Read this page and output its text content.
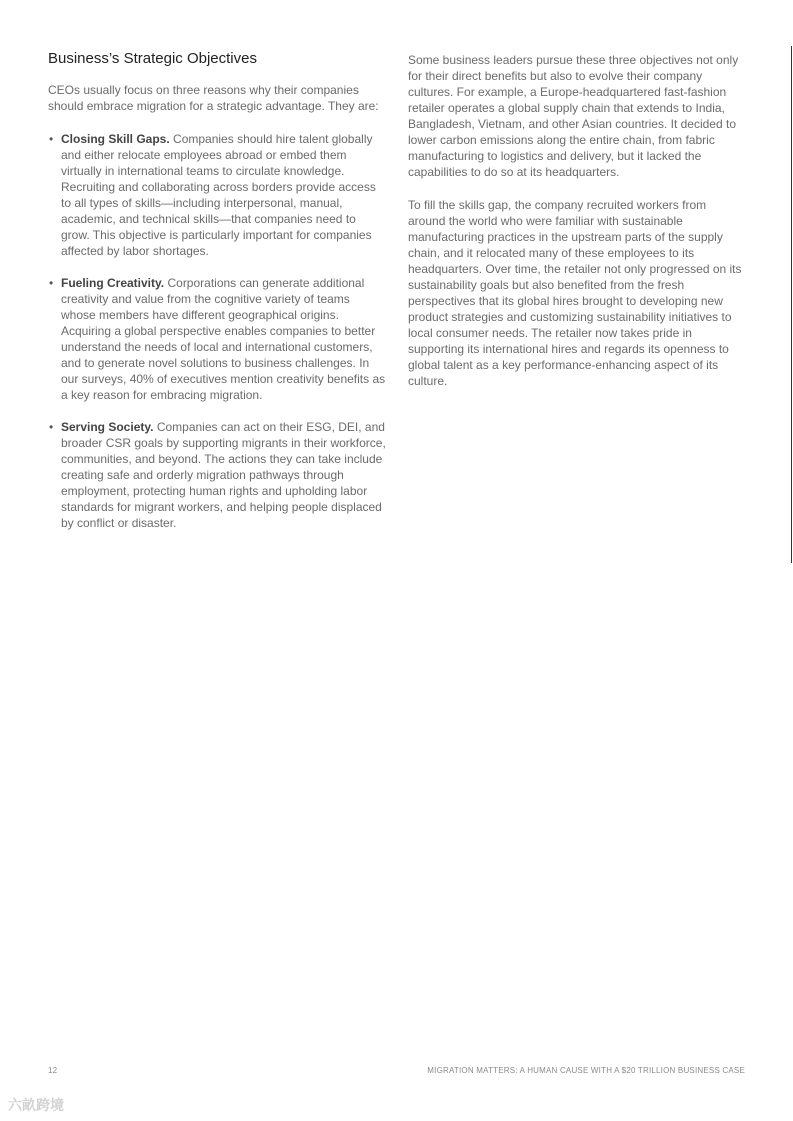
Business’s Strategic Objectives

CEOs usually focus on three reasons why their companies should embrace migration for a strategic advantage. They are:

• Closing Skill Gaps. Companies should hire talent globally and either relocate employees abroad or embed them virtually in international teams to circulate knowledge. Recruiting and collaborating across borders provide access to all types of skills—including interpersonal, manual, academic, and technical skills—that companies need to grow. This objective is particularly important for companies affected by labor shortages.
• Fueling Creativity. Corporations can generate additional creativity and value from the cognitive variety of teams whose members have different geographical origins. Acquiring a global perspective enables companies to better understand the needs of local and international customers, and to generate novel solutions to business challenges. In our surveys, 40% of executives mention creativity benefits as a key reason for embracing migration.
• Serving Society. Companies can act on their ESG, DEI, and broader CSR goals by supporting migrants in their workforce, communities, and beyond. The actions they can take include creating safe and orderly migration pathways through employment, protecting human rights and upholding labor standards for migrant workers, and helping people displaced by conflict or disaster.

Some business leaders pursue these three objectives not only for their direct benefits but also to evolve their company cultures. For example, a Europe-headquartered fast-fashion retailer operates a global supply chain that extends to India, Bangladesh, Vietnam, and other Asian countries. It decided to lower carbon emissions along the entire chain, from fabric manufacturing to logistics and delivery, but it lacked the capabilities to do so at its headquarters.

To fill the skills gap, the company recruited workers from around the world who were familiar with sustainable manufacturing practices in the upstream parts of the supply chain, and it relocated many of these employees to its headquarters. Over time, the retailer not only progressed on its sustainability goals but also benefited from the fresh perspectives that its global hires brought to developing new product strategies and customizing sustainability initiatives to local consumer needs. The retailer now takes pride in supporting its international hires and regards its openness to global talent as a key performance-enhancing aspect of its culture.

12	MIGRATION MATTERS: A HUMAN CAUSE WITH A $20 TRILLION BUSINESS CASE
六畝跨境
